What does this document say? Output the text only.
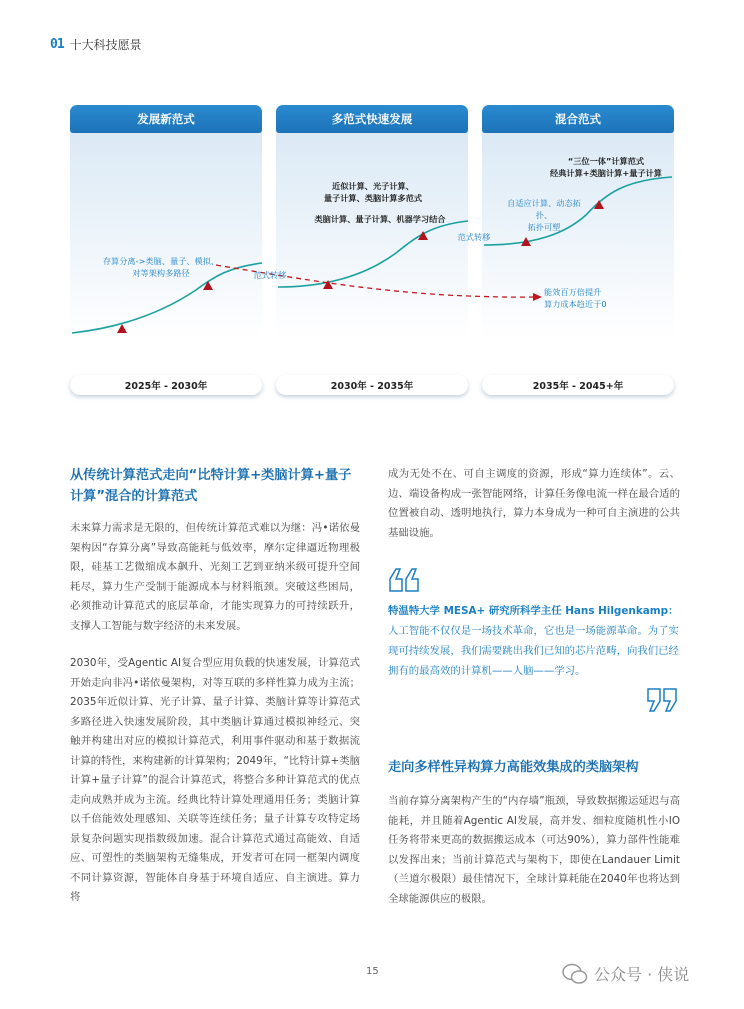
01 十大科技愿景
发展新范式	多范式快速发展	混合范式
存算分离->类脑、量子、模拟、
对等架构多路径	范式转移
近似计算、光子计算、
量子计算、类脑计算多范式
类脑计算、量子计算、机器学习结合
范式转移
“三位一体”计算范式
经典计算+类脑计算+量子计算
自适应计算、动态拓扑、
拓扑可塑
能效百万倍提升
算力成本趋近于0
2025年 - 2030年	2030年 - 2035年	2035年 - 2045+年
从传统计算范式走向“比特计算+类脑计算+量子计算”混合的计算范式

未来算力需求是无限的，但传统计算范式难以为继：冯•诺依曼架构因“存算分离”导致高能耗与低效率，摩尔定律逼近物理极限，硅基工艺微缩成本飙升、光刻工艺到亚纳米级可提升空间耗尽，算力生产受制于能源成本与材料瓶颈。突破这些困局，必须推动计算范式的底层革命，才能实现算力的可持续跃升，支撑人工智能与数字经济的未来发展。

2030年，受Agentic AI复合型应用负载的快速发展，计算范式开始走向非冯•诺依曼架构，对等互联的多样性算力成为主流；2035年近似计算、光子计算、量子计算、类脑计算等计算范式多路径进入快速发展阶段，其中类脑计算通过模拟神经元、突触并构建出对应的模拟计算范式，利用事件驱动和基于数据流计算的特性，来构建新的计算架构；2049年，“比特计算+类脑计算+量子计算”的混合计算范式，将整合多种计算范式的优点走向成熟并成为主流。经典比特计算处理通用任务；类脑计算以千倍能效处理感知、关联等连续任务；量子计算专攻特定场景复杂问题实现指数级加速。混合计算范式通过高能效、自适应、可塑性的类脑架构无缝集成，开发者可在同一框架内调度不同计算资源，智能体自身基于环境自适应、自主演进。算力将

成为无处不在、可自主调度的资源，形成“算力连续体”。云、边、端设备构成一张智能网络，计算任务像电流一样在最合适的位置被自动、透明地执行，算力本身成为一种可自主演进的公共基础设施。

特温特大学 MESA+ 研究所科学主任 Hans Hilgenkamp：
人工智能不仅仅是一场技术革命，它也是一场能源革命。为了实现可持续发展，我们需要跳出我们已知的芯片范畴，向我们已经拥有的最高效的计算机——人脑——学习。
走向多样性异构算力高能效集成的类脑架构

当前存算分离架构产生的“内存墙”瓶颈，导致数据搬运延迟与高能耗，并且随着Agentic AI发展，高并发、细粒度随机性小IO任务将带来更高的数据搬运成本（可达90%），算力部件性能难以发挥出来；当前计算范式与架构下，即使在Landauer Limit（兰道尔极限）最佳情况下，全球计算耗能在2040年也将达到全球能源供应的极限。

15	公众号 · 侠说
